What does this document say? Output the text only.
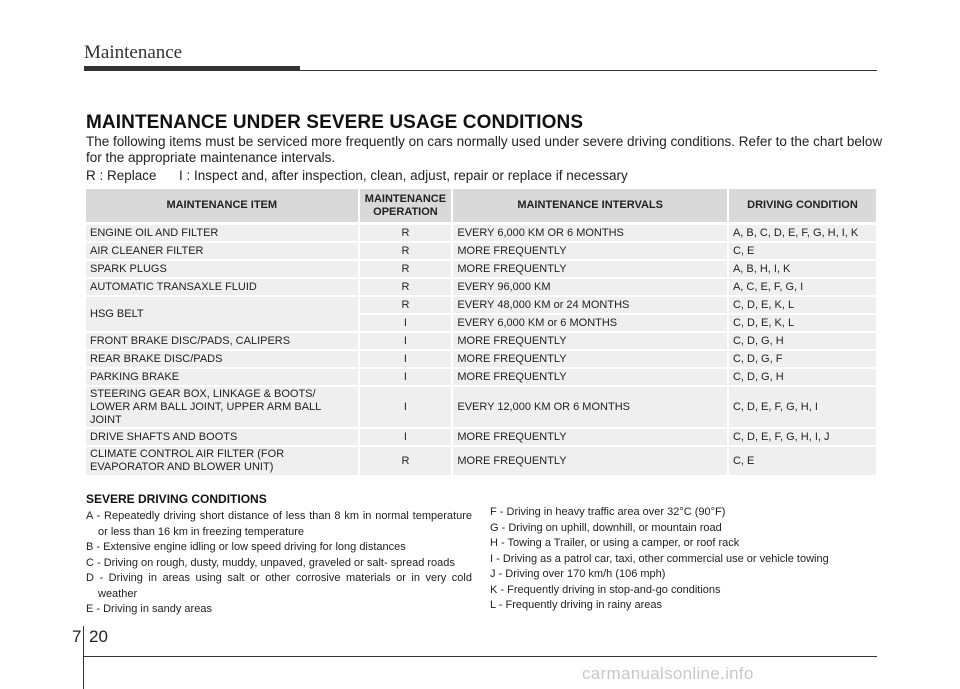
Maintenance
MAINTENANCE UNDER SEVERE USAGE CONDITIONS
The following items must be serviced more frequently on cars normally used under severe driving conditions. Refer to the chart below for the appropriate maintenance intervals.
R : Replace      I : Inspect and, after inspection, clean, adjust, repair or replace if necessary
MAINTENANCE ITEM	MAINTENANCE OPERATION	MAINTENANCE INTERVALS	DRIVING CONDITION
ENGINE OIL AND FILTER	R	EVERY 6,000 KM OR 6 MONTHS	A, B, C, D, E, F, G, H, I, K
AIR CLEANER FILTER	R	MORE FREQUENTLY	C, E
SPARK PLUGS	R	MORE FREQUENTLY	A, B, H, I, K
AUTOMATIC TRANSAXLE FLUID	R	EVERY 96,000 KM	A, C, E, F, G, I
HSG BELT	R	EVERY 48,000 KM or 24 MONTHS	C, D, E, K, L
	I	EVERY 6,000 KM or 6 MONTHS	C, D, E, K, L
FRONT BRAKE DISC/PADS, CALIPERS	I	MORE FREQUENTLY	C, D, G, H
REAR BRAKE DISC/PADS	I	MORE FREQUENTLY	C, D, G, F
PARKING BRAKE	I	MORE FREQUENTLY	C, D, G, H
STEERING GEAR BOX, LINKAGE & BOOTS/ LOWER ARM BALL JOINT, UPPER ARM BALL JOINT	I	EVERY 12,000 KM OR 6 MONTHS	C, D, E, F, G, H, I
DRIVE SHAFTS AND BOOTS	I	MORE FREQUENTLY	C, D, E, F, G, H, I, J
CLIMATE CONTROL AIR FILTER (FOR EVAPORATOR AND BLOWER UNIT)	R	MORE FREQUENTLY	C, E
SEVERE DRIVING CONDITIONS
A - Repeatedly driving short distance of less than 8 km in normal temperature or less than 16 km in freezing temperature
B - Extensive engine idling or low speed driving for long distances
C - Driving on rough, dusty, muddy, unpaved, graveled or salt- spread roads
D - Driving in areas using salt or other corrosive materials or in very cold weather
E - Driving in sandy areas
F - Driving in heavy traffic area over 32°C (90°F)
G - Driving on uphill, downhill, or mountain road
H - Towing a Trailer, or using a camper, or roof rack
I - Driving as a patrol car, taxi, other commercial use or vehicle towing
J - Driving over 170 km/h (106 mph)
K - Frequently driving in stop-and-go conditions
L - Frequently driving in rainy areas
7 20
carmanualsonline.info
